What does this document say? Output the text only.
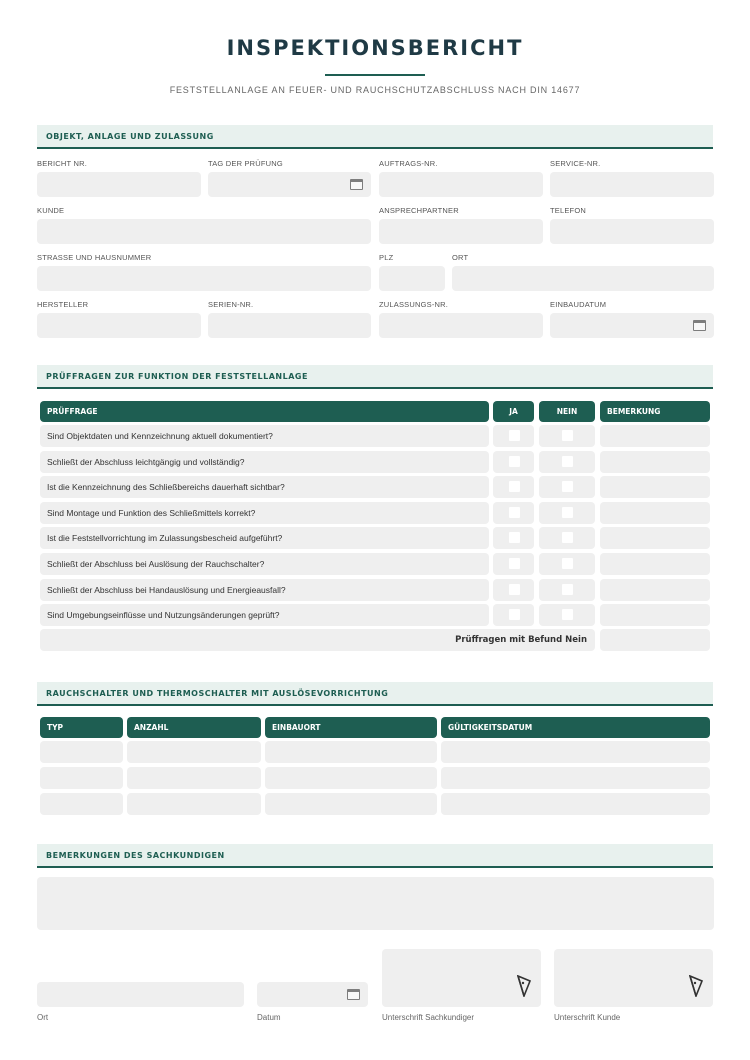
INSPEKTIONSBERICHT
FESTSTELLANLAGE AN FEUER- UND RAUCHSCHUTZABSCHLUSS NACH DIN 14677
OBJEKT, ANLAGE UND ZULASSUNG
BERICHT NR.	TAG DER PRÜFUNG	AUFTRAGS-NR.	SERVICE-NR.
KUNDE	ANSPRECHPARTNER	TELEFON
STRASSE UND HAUSNUMMER	PLZ	ORT
HERSTELLER	SERIEN-NR.	ZULASSUNGS-NR.	EINBAUDATUM
PRÜFFRAGEN ZUR FUNKTION DER FESTSTELLANLAGE
PRÜFFRAGE	JA	NEIN	BEMERKUNG
Sind Objektdaten und Kennzeichnung aktuell dokumentiert?
Schließt der Abschluss leichtgängig und vollständig?
Ist die Kennzeichnung des Schließbereichs dauerhaft sichtbar?
Sind Montage und Funktion des Schließmittels korrekt?
Ist die Feststellvorrichtung im Zulassungsbescheid aufgeführt?
Schließt der Abschluss bei Auslösung der Rauchschalter?
Schließt der Abschluss bei Handauslösung und Energieausfall?
Sind Umgebungseinflüsse und Nutzungsänderungen geprüft?
Prüffragen mit Befund Nein
RAUCHSCHALTER UND THERMOSCHALTER MIT AUSLÖSEVORRICHTUNG
TYP	ANZAHL	EINBAUORT	GÜLTIGKEITSDATUM
BEMERKUNGEN DES SACHKUNDIGEN
Ort	Datum	Unterschrift Sachkundiger	Unterschrift Kunde
